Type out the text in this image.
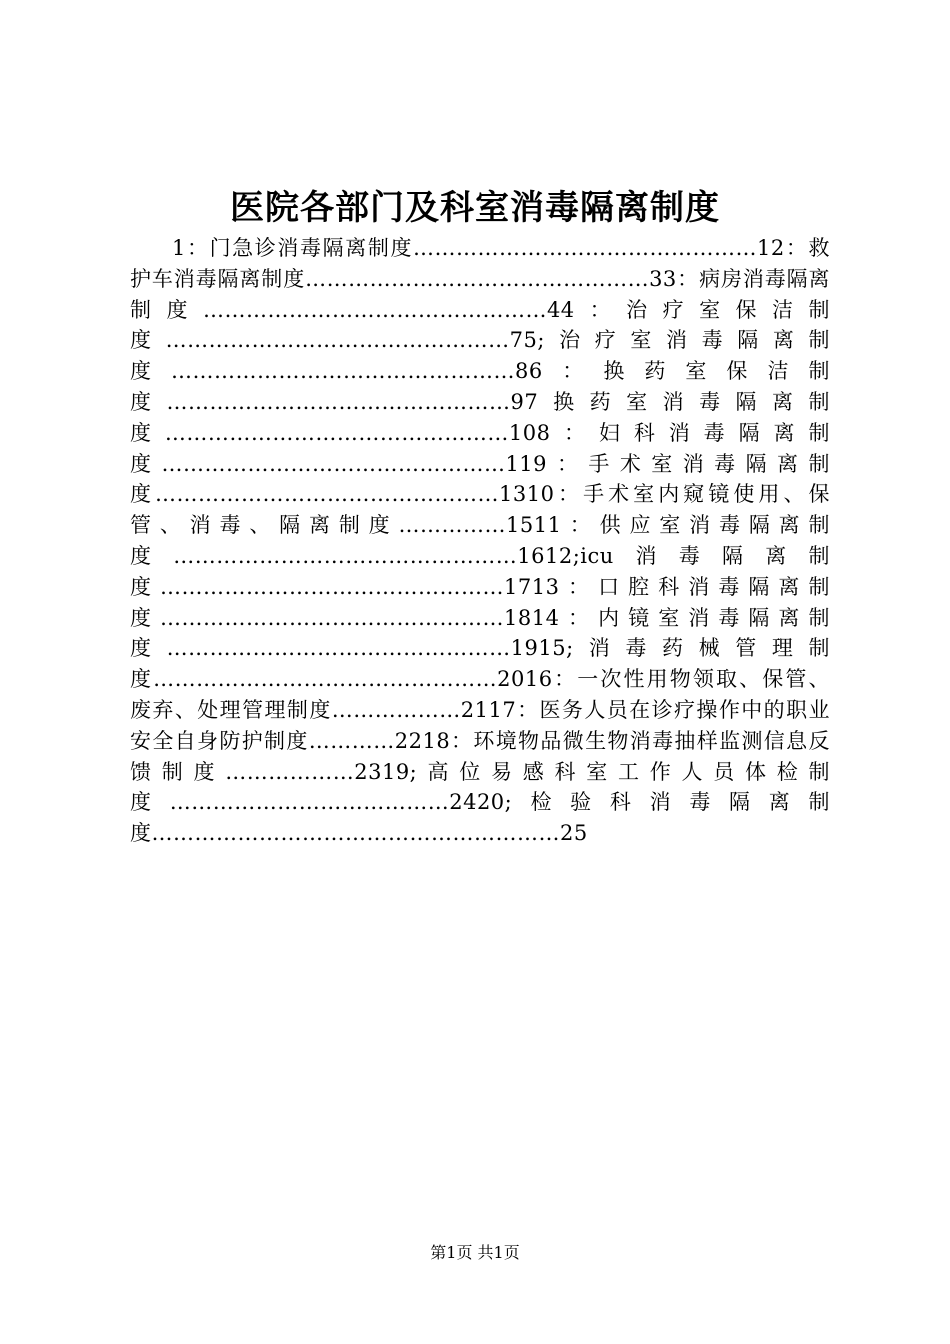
医院各部门及科室消毒隔离制度
1：门急诊消毒隔离制度…………………………………………12：救护车消毒隔离制度…………………………………………33：病房消毒隔离制度…………………………………………44：治疗室保洁制度…………………………………………75;治疗室消毒隔离制度…………………………………………86：换药室保洁制度…………………………………………97换药室消毒隔离制度…………………………………………108：妇科消毒隔离制度…………………………………………119：手术室消毒隔离制度…………………………………………1310：手术室内窥镜使用、保管、消毒、隔离制度……………1511：供应室消毒隔离制度…………………………………………1612;icu消毒隔离制度…………………………………………1713：口腔科消毒隔离制度…………………………………………1814：内镜室消毒隔离制度…………………………………………1915;消毒药械管理制度…………………………………………2016：一次性用物领取、保管、废弃、处理管理制度………………2117：医务人员在诊疗操作中的职业安全自身防护制度…………2218：环境物品微生物消毒抽样监测信息反馈制度………………2319;高位易感科室工作人员体检制度…………………………………2420;检验科消毒隔离制度…………………………………………………25
第1页 共1页
